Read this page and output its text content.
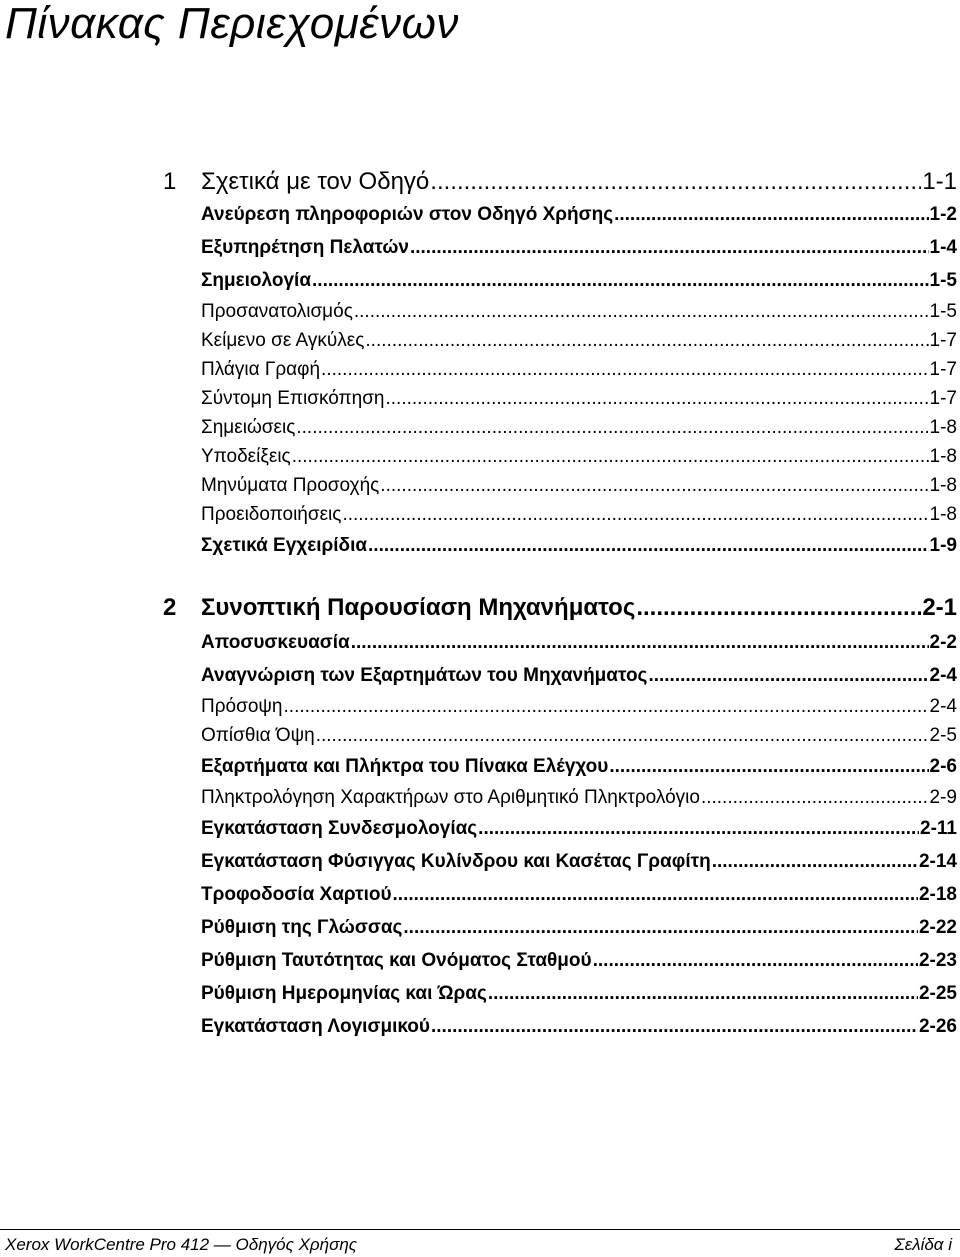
Πίνακας Περιεχομένων
1 Σχετικά με τον Οδηγό .....	1-1
Ανεύρεση πληροφοριών στον Οδηγό Χρήσης .....	1-2
Εξυπηρέτηση Πελατών .....	1-4
Σημειολογία .....	1-5
Προσανατολισμός .....	1-5
Κείμενο σε Αγκύλες .....	1-7
Πλάγια Γραφή .....	1-7
Σύντομη Επισκόπηση .....	1-7
Σημειώσεις .....	1-8
Υποδείξεις .....	1-8
Μηνύματα Προσοχής .....	1-8
Προειδοποιήσεις .....	1-8
Σχετικά Εγχειρίδια .....	1-9
2 Συνοπτική Παρουσίαση Μηχανήματος .....	2-1
Αποσυσκευασία .....	2-2
Αναγνώριση των Εξαρτημάτων του Μηχανήματος .....	2-4
Πρόσοψη .....	2-4
Οπίσθια Όψη .....	2-5
Εξαρτήματα και Πλήκτρα του Πίνακα Ελέγχου .....	2-6
Πληκτρολόγηση Χαρακτήρων στο Αριθμητικό Πληκτρολόγιο .....	2-9
Εγκατάσταση Συνδεσμολογίας .....	2-11
Εγκατάσταση Φύσιγγας Κυλίνδρου και Κασέτας Γραφίτη .....	2-14
Τροφοδοσία Χαρτιού .....	2-18
Ρύθμιση της Γλώσσας .....	2-22
Ρύθμιση Ταυτότητας και Ονόματος Σταθμού .....	2-23
Ρύθμιση Ημερομηνίας και Ώρας .....	2-25
Εγκατάσταση Λογισμικού .....	2-26
Xerox WorkCentre Pro 412 ― Οδηγός Χρήσης	Σελίδα i
